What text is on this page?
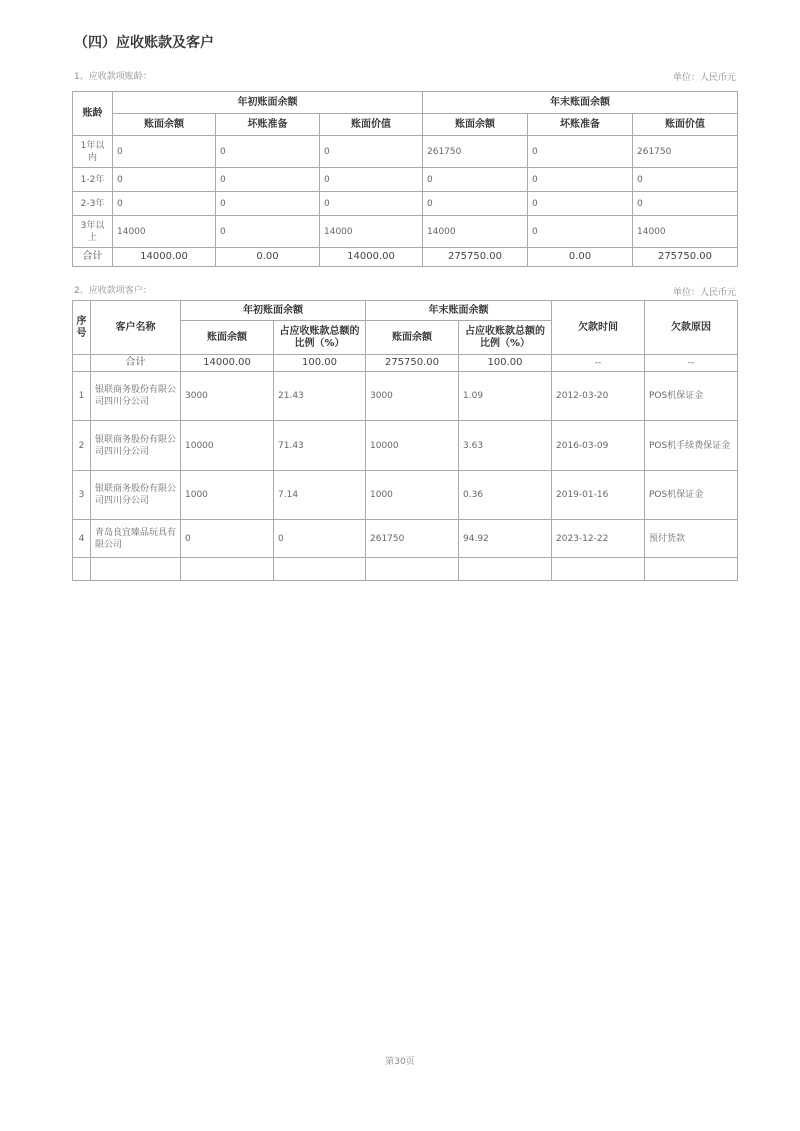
（四）应收账款及客户
1、应收款项账龄：	单位：人民币元
账龄	年初账面余额			年末账面余额		
	账面余额	坏账准备	账面价值	账面余额	坏账准备	账面价值
1年以内	0	0	0	261750	0	261750
1-2年	0	0	0	0	0	0
2-3年	0	0	0	0	0	0
3年以上	14000	0	14000	14000	0	14000
合计	14000.00	0.00	14000.00	275750.00	0.00	275750.00
2、应收款项客户：	单位：人民币元
序号	客户名称	年初账面余额		年末账面余额		欠款时间	欠款原因
		账面余额	占应收账款总额的比例（%）	账面余额	占应收账款总额的比例（%）		
	合计	14000.00	100.00	275750.00	100.00	--	--
1	银联商务股份有限公司四川分公司	3000	21.43	3000	1.09	2012-03-20	POS机保证金
2	银联商务股份有限公司四川分公司	10000	71.43	10000	3.63	2016-03-09	POS机手续费保证金
3	银联商务股份有限公司四川分公司	1000	7.14	1000	0.36	2019-01-16	POS机保证金
4	青岛良宜臻品玩具有限公司	0	0	261750	94.92	2023-12-22	预付货款

第30页
